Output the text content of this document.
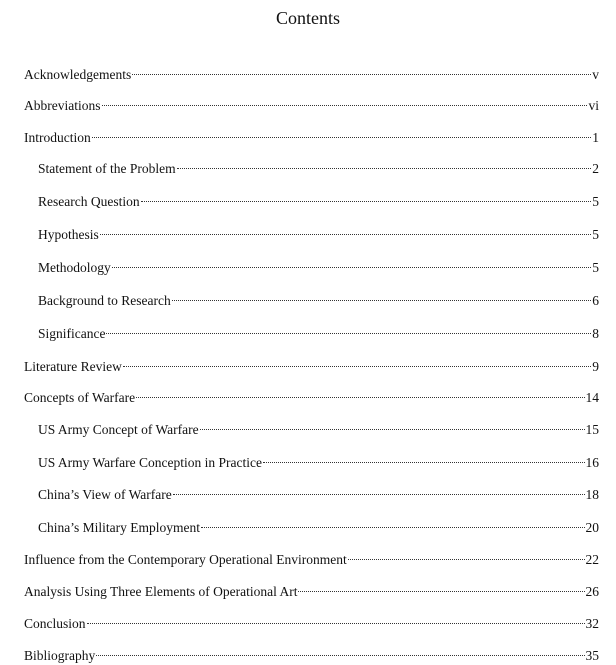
Contents
Acknowledgements	v
Abbreviations	vi
Introduction	1
Statement of the Problem	2
Research Question	5
Hypothesis	5
Methodology	5
Background to Research	6
Significance	8
Literature Review	9
Concepts of Warfare	14
US Army Concept of Warfare	15
US Army Warfare Conception in Practice	16
China’s View of Warfare	18
China’s Military Employment	20
Influence from the Contemporary Operational Environment	22
Analysis Using Three Elements of Operational Art	26
Conclusion	32
Bibliography	35
